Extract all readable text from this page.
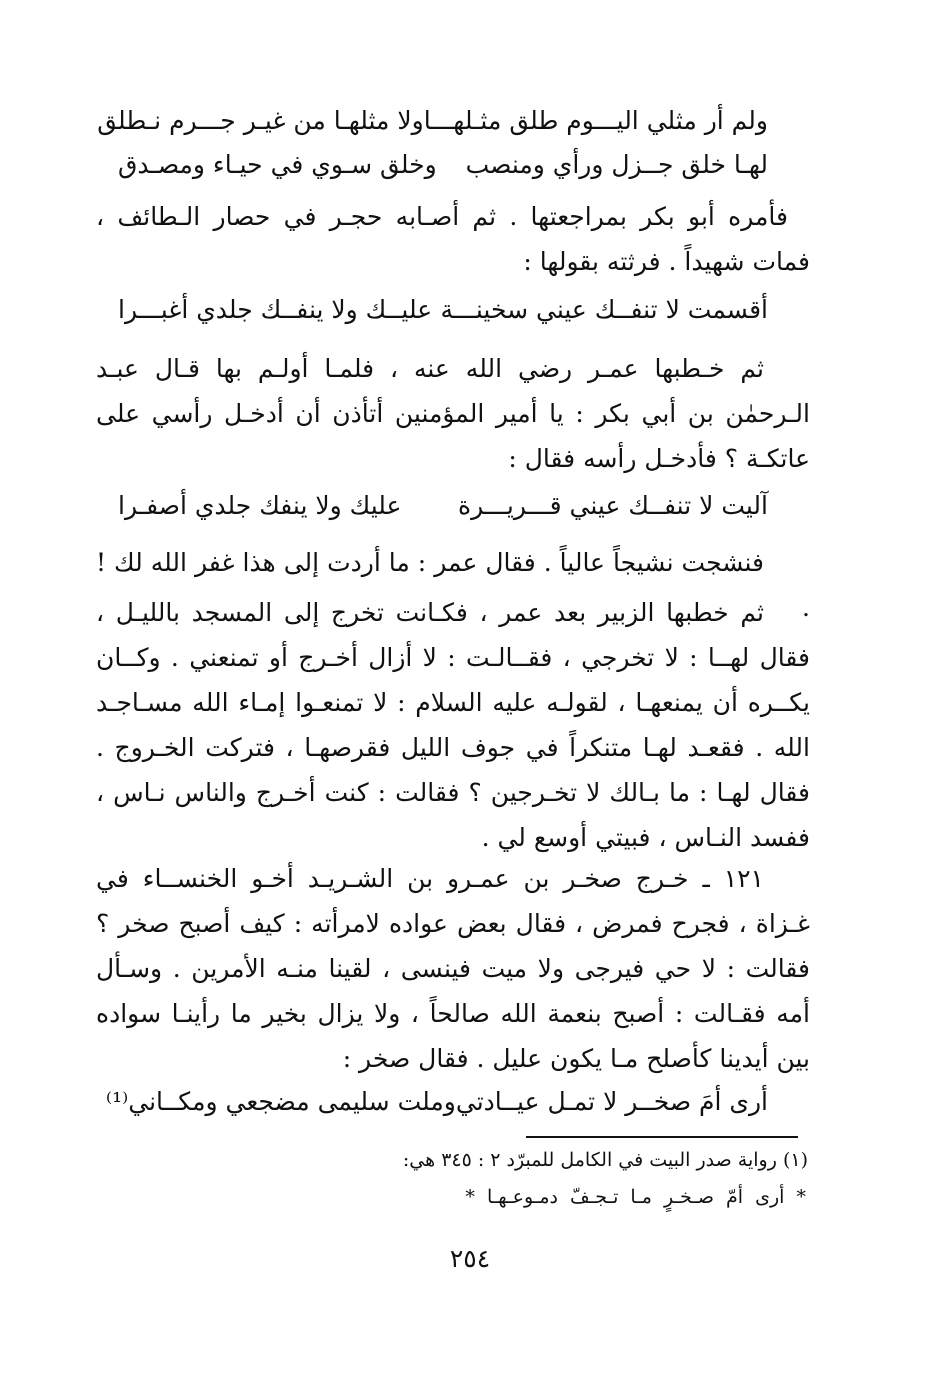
ولم أر مثلي اليـــوم طلق مثـلهـــا
ولا مثلهـا من غيـر جـــرم نـطلق
لهـا خلق جــزل ورأي ومنصب
وخلق سـوي في حيـاء ومصـدق

فأمره أبو بكر بمراجعتها . ثم أصـابه حجـر في حصار الـطائف ، فمات شهيداً . فرثته بقولها :

أقسمت لا تنفــك عيني سخينـــة
عليــك ولا ينفــك جلدي أغبـــرا

ثم خـطبها عمـر رضي الله عنه ، فلمـا أولـم بها قـال عبـد الـرحمٰن بن أبي بكر : يا أمير المؤمنين أتأذن أن أدخـل رأسي على عاتكـة ؟ فأدخـل رأسه فقال :

آليت لا تنفــك عيني قـــريـــرة
عليك ولا ينفك جلدي أصفـرا

فنشجت نشيجاً عالياً . فقال عمر : ما أردت إلى هذا غفر الله لك ! .

ثم خطبها الزبير بعد عمر ، فكـانت تخرج إلى المسجد بالليـل ، فقال لهــا : لا تخرجي ، فقــالـت : لا أزال أخـرج أو تمنعني . وكــان يكــره أن يمنعهـا ، لقولـه عليه السلام : لا تمنعـوا إمـاء الله مسـاجـد الله . فقعـد لهـا متنكراً في جوف الليل فقرصهـا ، فتركت الخـروج . فقال لهـا : ما بـالك لا تخـرجين ؟ فقالت : كنت أخـرج والناس نـاس ، ففسد النـاس ، فبيتي أوسع لي .

١٢١ ـ خـرج صخـر بن عمـرو بن الشـريـد أخـو الخنســاء في غـزاة ، فجرح فمرض ، فقال بعض عواده لامرأته : كيف أصبح صخر ؟ فقالت : لا حي فيرجى ولا ميت فينسى ، لقينا منـه الأمرين . وسـأل أمه فقـالت : أصبح بنعمة الله صالحاً ، ولا يزال بخير ما رأينـا سواده بين أيدينا كأصلح مـا يكون عليل . فقال صخر :

أرى أمَ صخــر لا تمـل عيــادتي
وملت سليمى مضجعي ومكــاني⁽¹⁾
(١) رواية صدر البيت في الكامل للمبرّد ٢ : ٣٤٥ هي:
* أرى أمّ صـخـرٍ مـا تـجـفّ دمـوعـهـا *
٢٥٤
